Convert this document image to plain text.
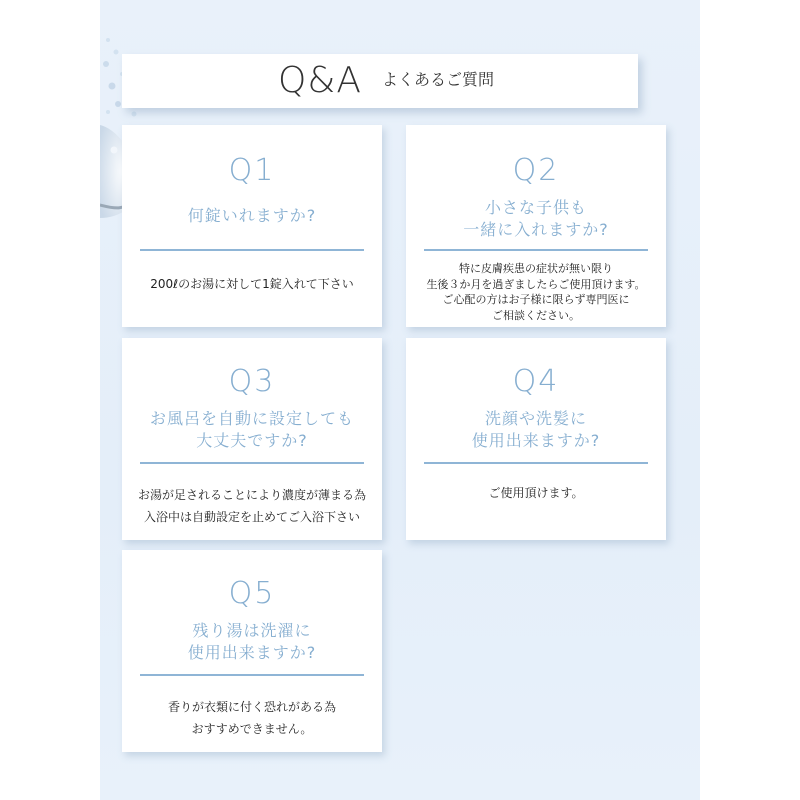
Q&A よくあるご質問
Q1
何錠いれますか?
200ℓのお湯に対して1錠入れて下さい
Q2
小さな子供も
一緒に入れますか?
特に皮膚疾患の症状が無い限り
生後３か月を過ぎましたらご使用頂けます。
ご心配の方はお子様に限らず専門医に
ご相談ください。
Q3
お風呂を自動に設定しても
大丈夫ですか?
お湯が足されることにより濃度が薄まる為
入浴中は自動設定を止めてご入浴下さい
Q4
洗顔や洗髪に
使用出来ますか?
ご使用頂けます。
Q5
残り湯は洗濯に
使用出来ますか?
香りが衣類に付く恐れがある為
おすすめできません。
